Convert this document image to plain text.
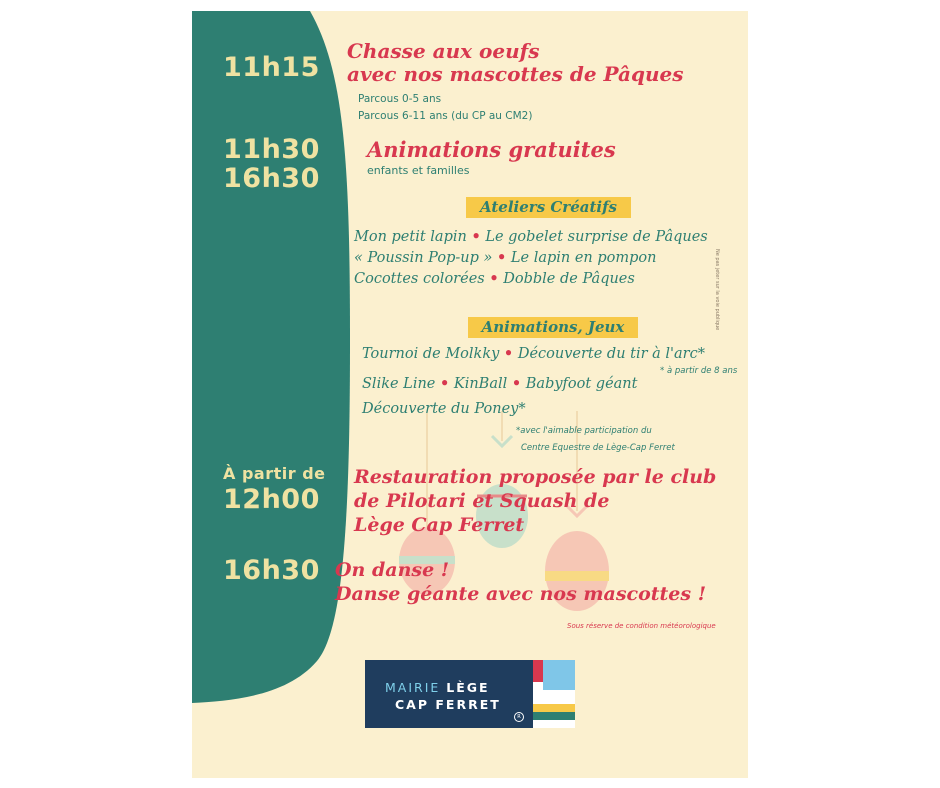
11h15
Chasse aux oeufs
avec nos mascottes de Pâques
Parcous 0-5 ans
Parcous 6-11 ans (du CP au CM2)
11h30
16h30
Animations gratuites
enfants et familles
Ateliers Créatifs
Mon petit lapin • Le gobelet surprise de Pâques
« Poussin Pop-up » • Le lapin en pompon
Cocottes colorées • Dobble de Pâques
Animations, Jeux
Tournoi de Molkky • Découverte du tir à l'arc*
* à partir de 8 ans
Slike Line • KinBall • Babyfoot géant
Découverte du Poney*
*avec l'aimable participation du
Centre Equestre de Lège-Cap Ferret
À partir de
12h00
Restauration proposée par le club
de Pilotari et Squash de
Lège Cap Ferret
16h30 On danse !
Danse géante avec nos mascottes !
Sous réserve de condition météorologique
Ne pas jeter sur la voie publique
MAIRIE LÈGE
CAP FERRET
R
